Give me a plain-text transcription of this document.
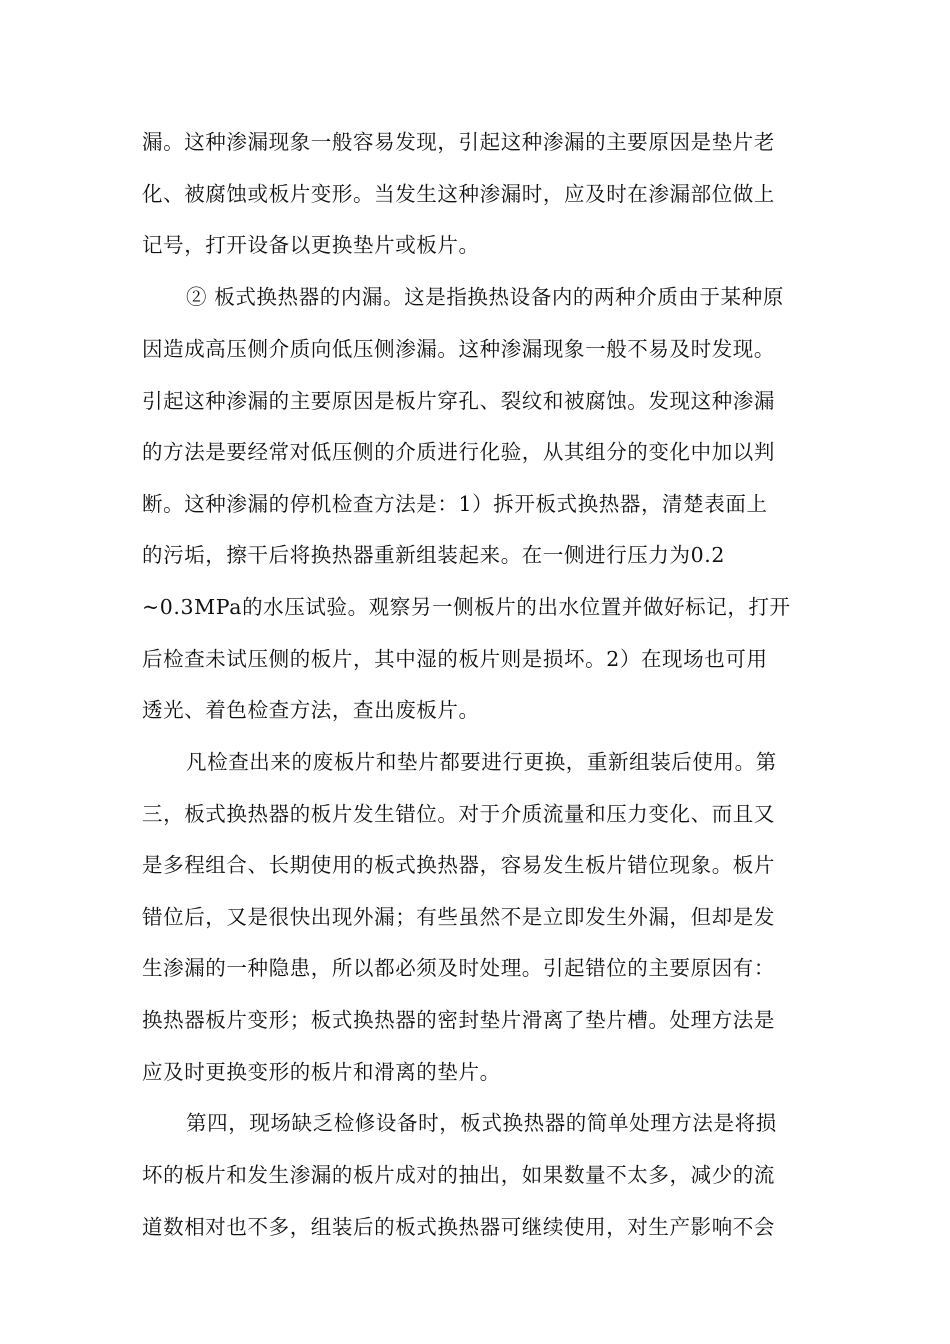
漏。这种渗漏现象一般容易发现，引起这种渗漏的主要原因是垫片老
化、被腐蚀或板片变形。当发生这种渗漏时，应及时在渗漏部位做上
记号，打开设备以更换垫片或板片。
② 板式换热器的内漏。这是指换热设备内的两种介质由于某种原
因造成高压侧介质向低压侧渗漏。这种渗漏现象一般不易及时发现。
引起这种渗漏的主要原因是板片穿孔、裂纹和被腐蚀。发现这种渗漏
的方法是要经常对低压侧的介质进行化验，从其组分的变化中加以判
断。这种渗漏的停机检查方法是：1）拆开板式换热器，清楚表面上
的污垢，擦干后将换热器重新组装起来。在一侧进行压力为0.2
~0.3MPa的水压试验。观察另一侧板片的出水位置并做好标记，打开
后检查未试压侧的板片，其中湿的板片则是损坏。2）在现场也可用
透光、着色检查方法，查出废板片。
凡检查出来的废板片和垫片都要进行更换，重新组装后使用。第
三，板式换热器的板片发生错位。对于介质流量和压力变化、而且又
是多程组合、长期使用的板式换热器，容易发生板片错位现象。板片
错位后，又是很快出现外漏；有些虽然不是立即发生外漏，但却是发
生渗漏的一种隐患，所以都必须及时处理。引起错位的主要原因有：
换热器板片变形；板式换热器的密封垫片滑离了垫片槽。处理方法是
应及时更换变形的板片和滑离的垫片。
第四，现场缺乏检修设备时，板式换热器的简单处理方法是将损
坏的板片和发生渗漏的板片成对的抽出，如果数量不太多，减少的流
道数相对也不多，组装后的板式换热器可继续使用，对生产影响不会
